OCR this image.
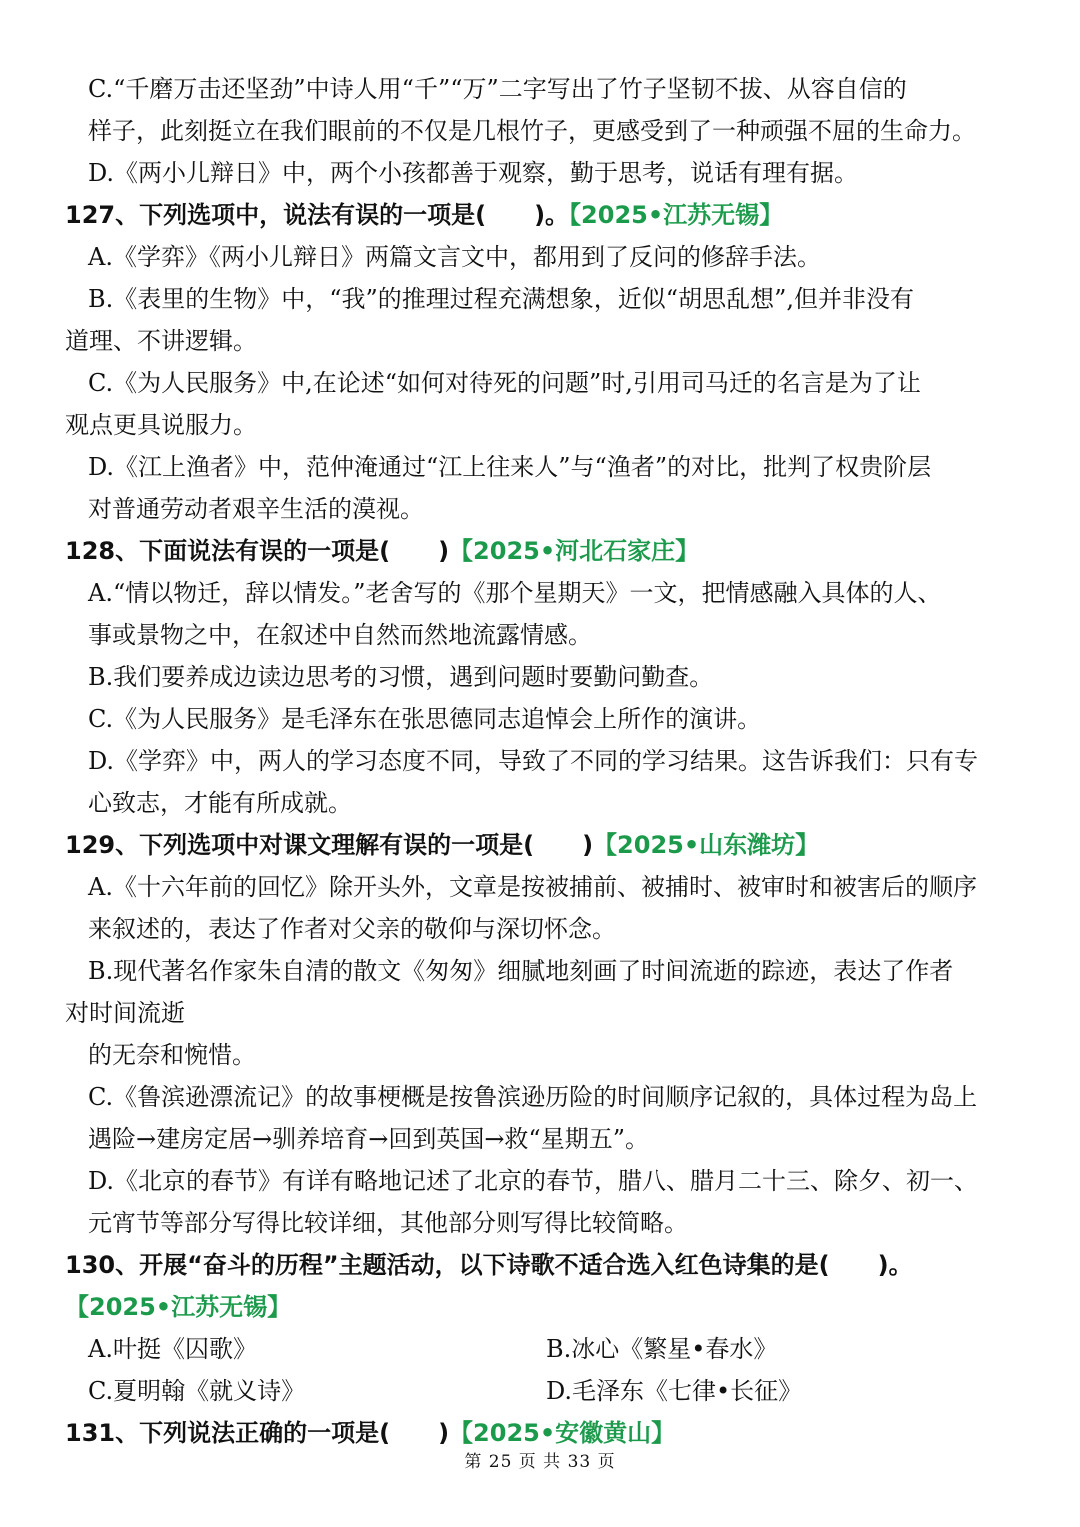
C.“千磨万击还坚劲”中诗人用“千”“万”二字写出了竹子坚韧不拔、从容自信的
样子，此刻挺立在我们眼前的不仅是几根竹子，更感受到了一种顽强不屈的生命力。
D.《两小儿辩日》中，两个小孩都善于观察，勤于思考，说话有理有据。
127、下列选项中，说法有误的一项是(　　)。【2025•江苏无锡】
A.《学弈》《两小儿辩日》两篇文言文中，都用到了反问的修辞手法。
B.《表里的生物》中，“我”的推理过程充满想象，近似“胡思乱想”,但并非没有
道理、不讲逻辑。
C.《为人民服务》中,在论述“如何对待死的问题”时,引用司马迁的名言是为了让
观点更具说服力。
D.《江上渔者》中，范仲淹通过“江上往来人”与“渔者”的对比，批判了权贵阶层
对普通劳动者艰辛生活的漠视。
128、下面说法有误的一项是(　　)【2025•河北石家庄】
A.“情以物迁，辞以情发。”老舍写的《那个星期天》一文，把情感融入具体的人、
事或景物之中，在叙述中自然而然地流露情感。
B.我们要养成边读边思考的习惯，遇到问题时要勤问勤查。
C.《为人民服务》是毛泽东在张思德同志追悼会上所作的演讲。
D.《学弈》中，两人的学习态度不同，导致了不同的学习结果。这告诉我们：只有专
心致志，才能有所成就。
129、下列选项中对课文理解有误的一项是(　　)【2025•山东潍坊】
A.《十六年前的回忆》除开头外，文章是按被捕前、被捕时、被审时和被害后的顺序
来叙述的，表达了作者对父亲的敬仰与深切怀念。
B.现代著名作家朱自清的散文《匆匆》细腻地刻画了时间流逝的踪迹，表达了作者
对时间流逝
的无奈和惋惜。
C.《鲁滨逊漂流记》的故事梗概是按鲁滨逊历险的时间顺序记叙的，具体过程为岛上
遇险→建房定居→驯养培育→回到英国→救“星期五”。
D.《北京的春节》有详有略地记述了北京的春节，腊八、腊月二十三、除夕、初一、
元宵节等部分写得比较详细，其他部分则写得比较简略。
130、开展“奋斗的历程”主题活动，以下诗歌不适合选入红色诗集的是(　　)。
【2025•江苏无锡】
A.叶挺《囚歌》	B.冰心《繁星•春水》
C.夏明翰《就义诗》	D.毛泽东《七律•长征》
131、下列说法正确的一项是(　　)【2025•安徽黄山】
第 25 页 共 33 页
